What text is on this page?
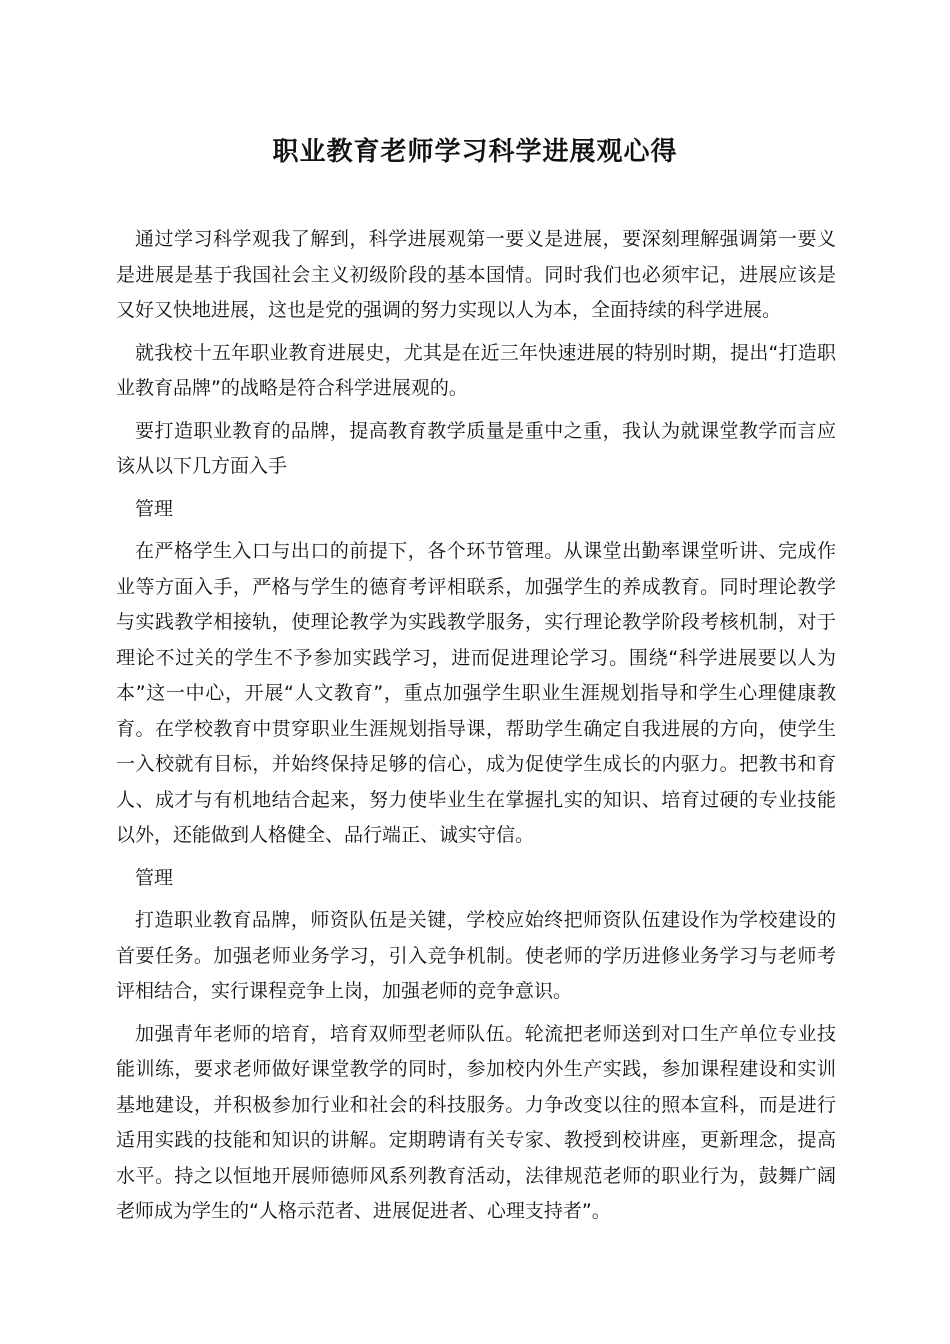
职业教育老师学习科学进展观心得

通过学习科学观我了解到，科学进展观第一要义是进展，要深刻理解强调第一要义是进展是基于我国社会主义初级阶段的基本国情。同时我们也必须牢记，进展应该是又好又快地进展，这也是党的强调的努力实现以人为本，全面持续的科学进展。

就我校十五年职业教育进展史，尤其是在近三年快速进展的特别时期，提出“打造职业教育品牌”的战略是符合科学进展观的。

要打造职业教育的品牌，提高教育教学质量是重中之重，我认为就课堂教学而言应该从以下几方面入手

管理

在严格学生入口与出口的前提下，各个环节管理。从课堂出勤率课堂听讲、完成作业等方面入手，严格与学生的德育考评相联系，加强学生的养成教育。同时理论教学与实践教学相接轨，使理论教学为实践教学服务，实行理论教学阶段考核机制，对于理论不过关的学生不予参加实践学习，进而促进理论学习。围绕“科学进展要以人为本”这一中心，开展“人文教育”，重点加强学生职业生涯规划指导和学生心理健康教育。在学校教育中贯穿职业生涯规划指导课，帮助学生确定自我进展的方向，使学生一入校就有目标，并始终保持足够的信心，成为促使学生成长的内驱力。把教书和育人、成才与有机地结合起来，努力使毕业生在掌握扎实的知识、培育过硬的专业技能以外，还能做到人格健全、品行端正、诚实守信。

管理

打造职业教育品牌，师资队伍是关键，学校应始终把师资队伍建设作为学校建设的首要任务。加强老师业务学习，引入竞争机制。使老师的学历进修业务学习与老师考评相结合，实行课程竞争上岗，加强老师的竞争意识。

加强青年老师的培育，培育双师型老师队伍。轮流把老师送到对口生产单位专业技能训练，要求老师做好课堂教学的同时，参加校内外生产实践，参加课程建设和实训基地建设，并积极参加行业和社会的科技服务。力争改变以往的照本宣科，而是进行适用实践的技能和知识的讲解。定期聘请有关专家、教授到校讲座，更新理念，提高水平。持之以恒地开展师德师风系列教育活动，法律规范老师的职业行为，鼓舞广阔老师成为学生的“人格示范者、进展促进者、心理支持者”。
